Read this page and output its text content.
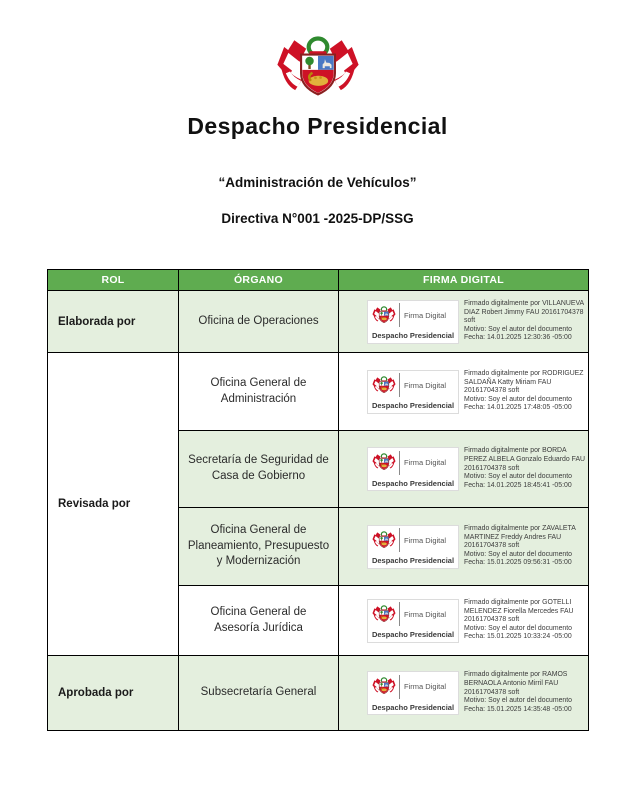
Despacho Presidencial
“Administración de Vehículos”
Directiva N°001 -2025-DP/SSG
ROL	ÓRGANO	FIRMA DIGITAL
Elaborada por	Oficina de Operaciones	Firma Digital
Despacho Presidencial
Firmado digitalmente por VILLANUEVA DIAZ Robert Jimmy FAU 20161704378 soft
Motivo: Soy el autor del documento
Fecha: 14.01.2025 12:30:36 -05:00

Revisada por	Oficina General de Administración	Firma Digital
Despacho Presidencial
Firmado digitalmente por RODRIGUEZ SALDAÑA Katty Miriam FAU 20161704378 soft
Motivo: Soy el autor del documento
Fecha: 14.01.2025 17:48:05 -05:00

	Secretaría de Seguridad de Casa de Gobierno	Firma Digital
Despacho Presidencial
Firmado digitalmente por BORDA PEREZ ALBELA Gonzalo Eduardo FAU 20161704378 soft
Motivo: Soy el autor del documento
Fecha: 14.01.2025 18:45:41 -05:00

	Oficina General de Planeamiento, Presupuesto y Modernización	Firma Digital
Despacho Presidencial
Firmado digitalmente por ZAVALETA MARTINEZ Freddy Andres FAU 20161704378 soft
Motivo: Soy el autor del documento
Fecha: 15.01.2025 09:56:31 -05:00

	Oficina General de Asesoría Jurídica	Firma Digital
Despacho Presidencial
Firmado digitalmente por GOTELLI MELENDEZ Fiorella Mercedes FAU 20161704378 soft
Motivo: Soy el autor del documento
Fecha: 15.01.2025 10:33:24 -05:00

Aprobada por	Subsecretaría General	Firma Digital
Despacho Presidencial
Firmado digitalmente por RAMOS BERNAOLA Antonio Mirril FAU 20161704378 soft
Motivo: Soy el autor del documento
Fecha: 15.01.2025 14:35:48 -05:00
